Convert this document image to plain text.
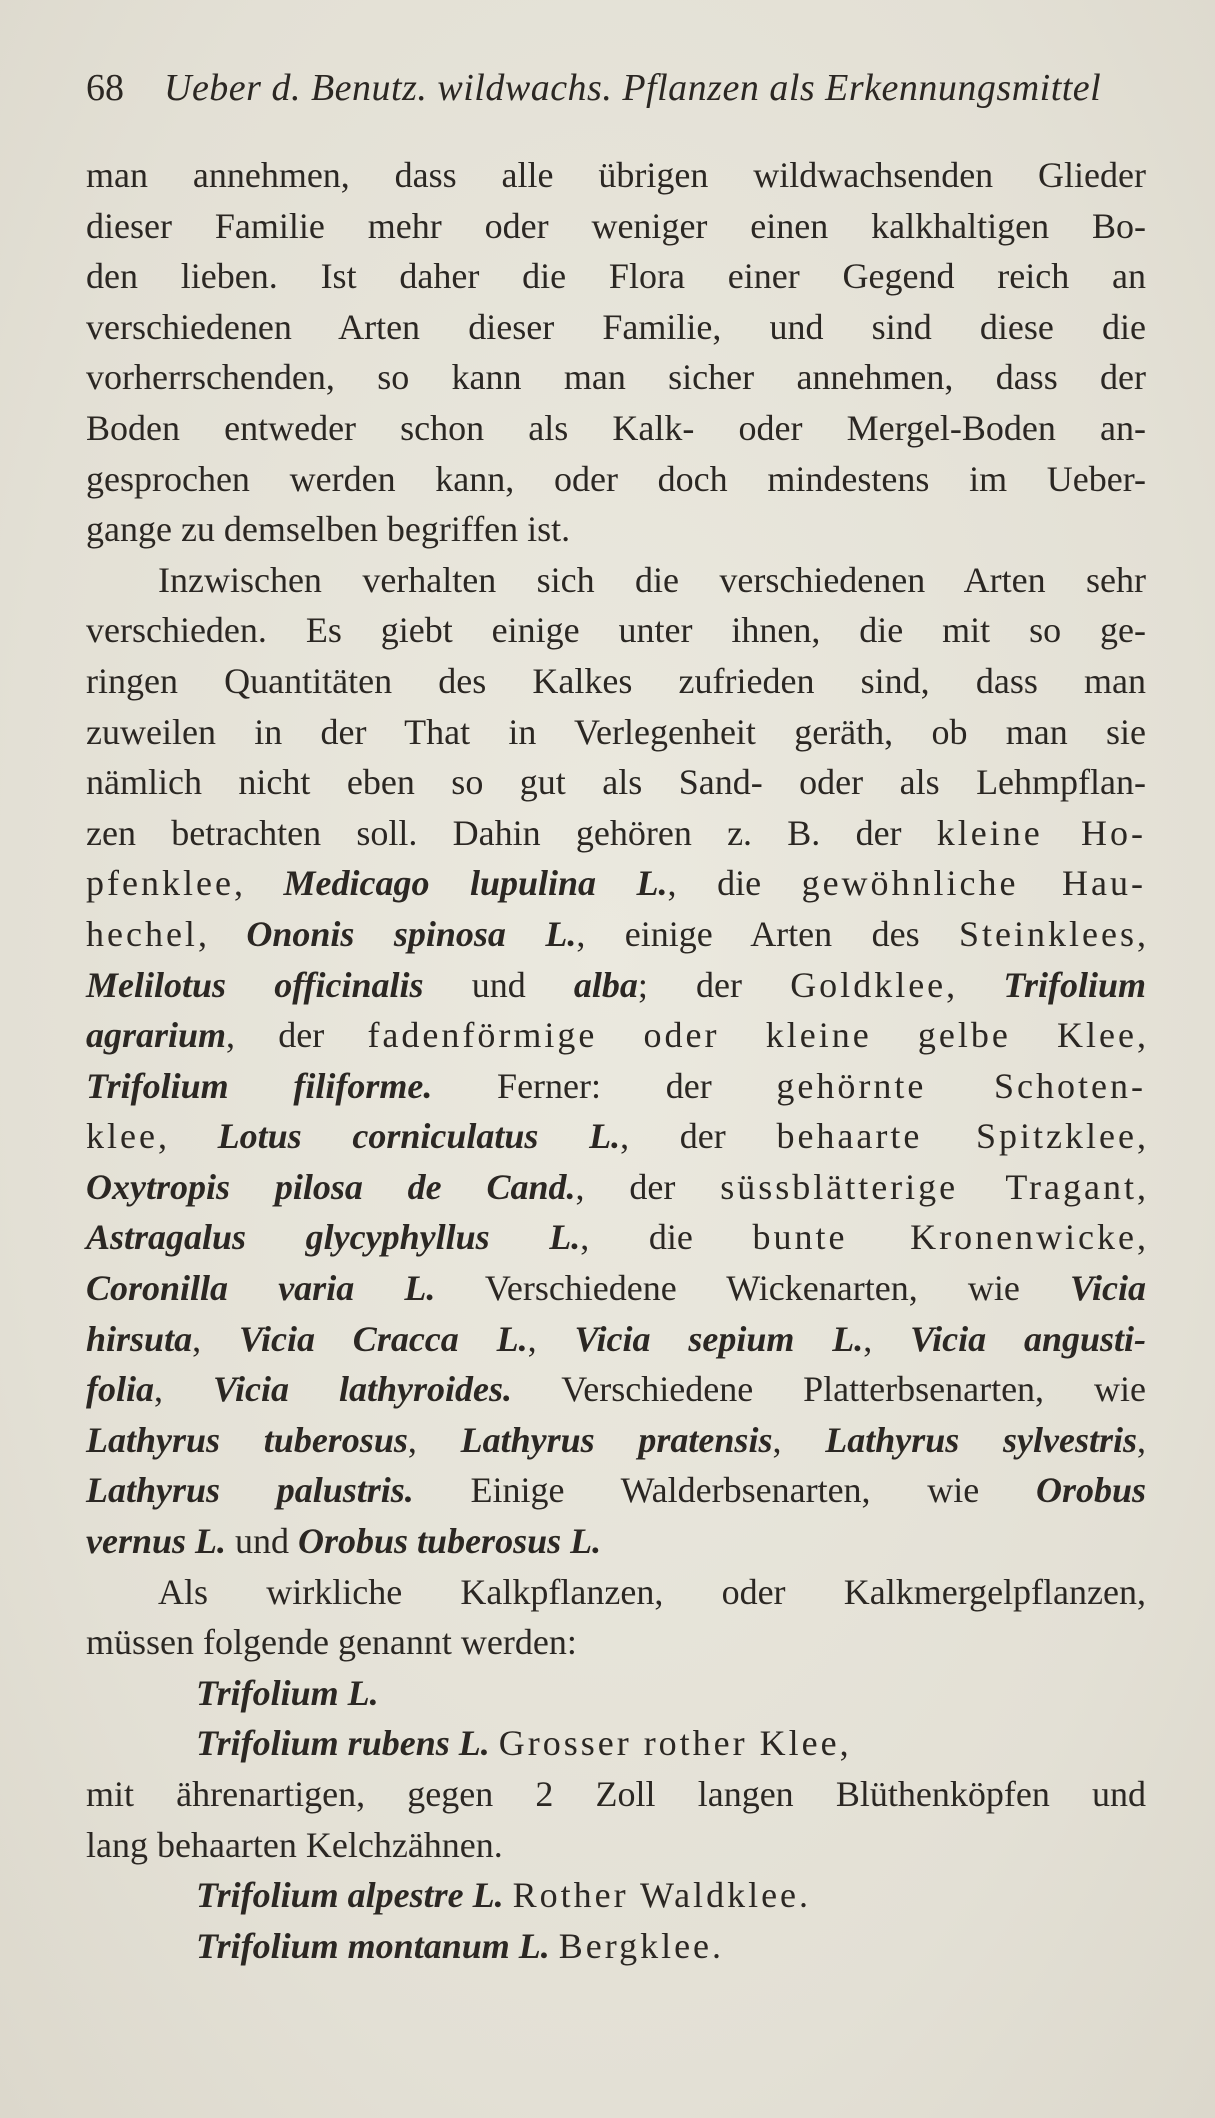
68 Ueber d. Benutz. wildwachs. Pflanzen als Erkennungsmittel
man annehmen, dass alle übrigen wildwachsenden Glieder
dieser Familie mehr oder weniger einen kalkhaltigen Bo-
den lieben. Ist daher die Flora einer Gegend reich an
verschiedenen Arten dieser Familie, und sind diese die
vorherrschenden, so kann man sicher annehmen, dass der
Boden entweder schon als Kalk- oder Mergel-Boden an-
gesprochen werden kann, oder doch mindestens im Ueber-
gange zu demselben begriffen ist.
Inzwischen verhalten sich die verschiedenen Arten sehr
verschieden. Es giebt einige unter ihnen, die mit so ge-
ringen Quantitäten des Kalkes zufrieden sind, dass man
zuweilen in der That in Verlegenheit geräth, ob man sie
nämlich nicht eben so gut als Sand- oder als Lehmpflan-
zen betrachten soll. Dahin gehören z. B. der kleine Ho-
pfenklee, Medicago lupulina L., die gewöhnliche Hau-
hechel, Ononis spinosa L., einige Arten des Steinklees,
Melilotus officinalis und alba; der Goldklee, Trifolium
agrarium, der fadenförmige oder kleine gelbe Klee,
Trifolium filiforme. Ferner: der gehörnte Schoten-
klee, Lotus corniculatus L., der behaarte Spitzklee,
Oxytropis pilosa de Cand., der süssblätterige Tragant,
Astragalus glycyphyllus L., die bunte Kronenwicke,
Coronilla varia L. Verschiedene Wickenarten, wie Vicia
hirsuta, Vicia Cracca L., Vicia sepium L., Vicia angusti-
folia, Vicia lathyroides. Verschiedene Platterbsenarten, wie
Lathyrus tuberosus, Lathyrus pratensis, Lathyrus sylvestris,
Lathyrus palustris. Einige Walderbsenarten, wie Orobus
vernus L. und Orobus tuberosus L.
Als wirkliche Kalkpflanzen, oder Kalkmergelpflanzen,
müssen folgende genannt werden:
Trifolium L.
Trifolium rubens L. Grosser rother Klee,
mit ährenartigen, gegen 2 Zoll langen Blüthenköpfen und
lang behaarten Kelchzähnen.
Trifolium alpestre L. Rother Waldklee.
Trifolium montanum L. Bergklee.
